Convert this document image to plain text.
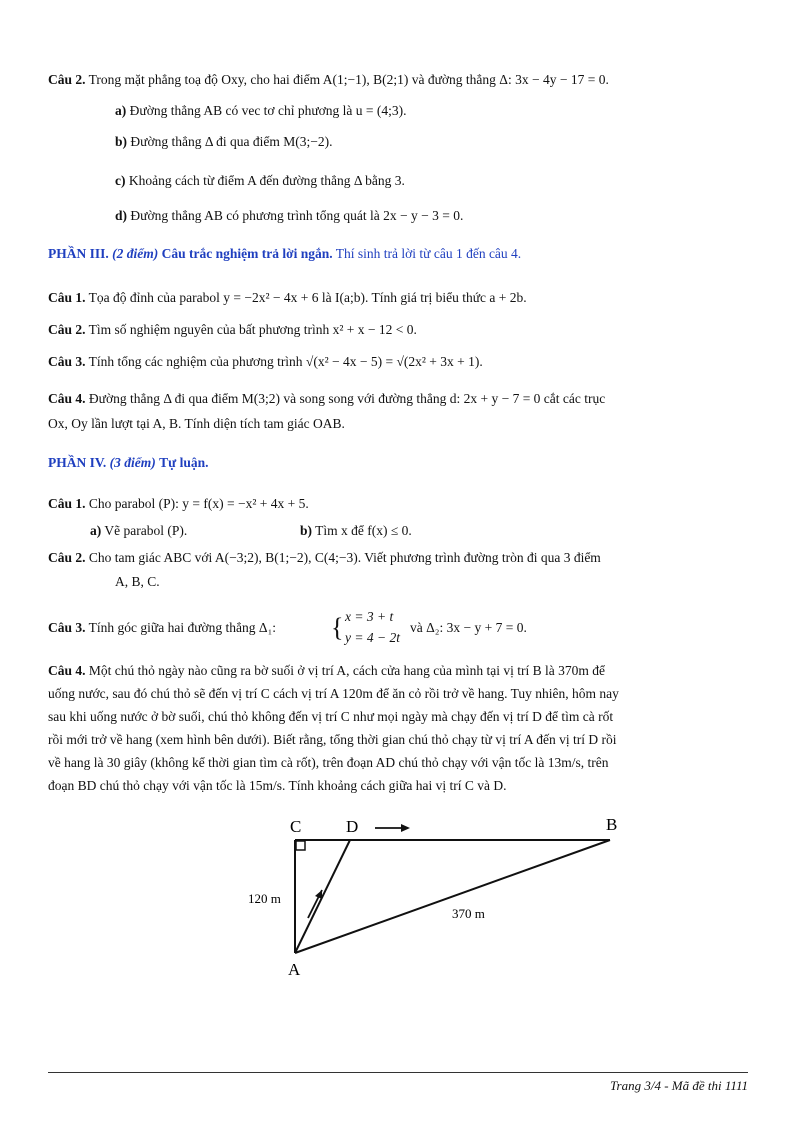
Câu 2. Trong mặt phẳng toạ độ Oxy, cho hai điểm A(1;−1), B(2;1) và đường thẳng Δ: 3x − 4y − 17 = 0.
a) Đường thẳng AB có vec tơ chỉ phương là u = (4;3).
b) Đường thẳng Δ đi qua điểm M(3;−2).
c) Khoảng cách từ điểm A đến đường thẳng Δ bằng 3.
d) Đường thẳng AB có phương trình tổng quát là 2x − y − 3 = 0.
PHẦN III. (2 điểm) Câu trắc nghiệm trả lời ngắn. Thí sinh trả lời từ câu 1 đến câu 4.
Câu 1. Tọa độ đỉnh của parabol y = −2x² − 4x + 6 là I(a;b). Tính giá trị biểu thức a + 2b.
Câu 2. Tìm số nghiệm nguyên của bất phương trình x² + x − 12 < 0.
Câu 3. Tính tổng các nghiệm của phương trình √(x² − 4x − 5) = √(2x² + 3x + 1).
Câu 4. Đường thẳng Δ đi qua điểm M(3;2) và song song với đường thẳng d: 2x + y − 7 = 0 cắt các trục
Ox, Oy lần lượt tại A, B. Tính diện tích tam giác OAB.
PHẦN IV. (3 điểm) Tự luận.
Câu 1. Cho parabol (P): y = f(x) = −x² + 4x + 5.
a) Vẽ parabol (P).	b) Tìm x để f(x) ≤ 0.
Câu 2. Cho tam giác ABC với A(−3;2), B(1;−2), C(4;−3). Viết phương trình đường tròn đi qua 3 điểm
A, B, C.
Câu 3. Tính góc giữa hai đường thẳng Δ₁: { x = 3 + t
y = 4 − 2t
và Δ₂: 3x − y + 7 = 0.
Câu 4. Một chú thỏ ngày nào cũng ra bờ suối ở vị trí A, cách cửa hang của mình tại vị trí B là 370m để
uống nước, sau đó chú thỏ sẽ đến vị trí C cách vị trí A 120m để ăn cỏ rồi trở về hang. Tuy nhiên, hôm nay
sau khi uống nước ở bờ suối, chú thỏ không đến vị trí C như mọi ngày mà chạy đến vị trí D để tìm cà rốt
rồi mới trở về hang (xem hình bên dưới). Biết rằng, tổng thời gian chú thỏ chạy từ vị trí A đến vị trí D rồi
về hang là 30 giây (không kể thời gian tìm cà rốt), trên đoạn AD chú thỏ chạy với vận tốc là 13m/s, trên
đoạn BD chú thỏ chạy với vận tốc là 15m/s. Tính khoảng cách giữa hai vị trí C và D.
C	D	B
A
120 m
370 m
Trang 3/4 - Mã đề thi 1111
